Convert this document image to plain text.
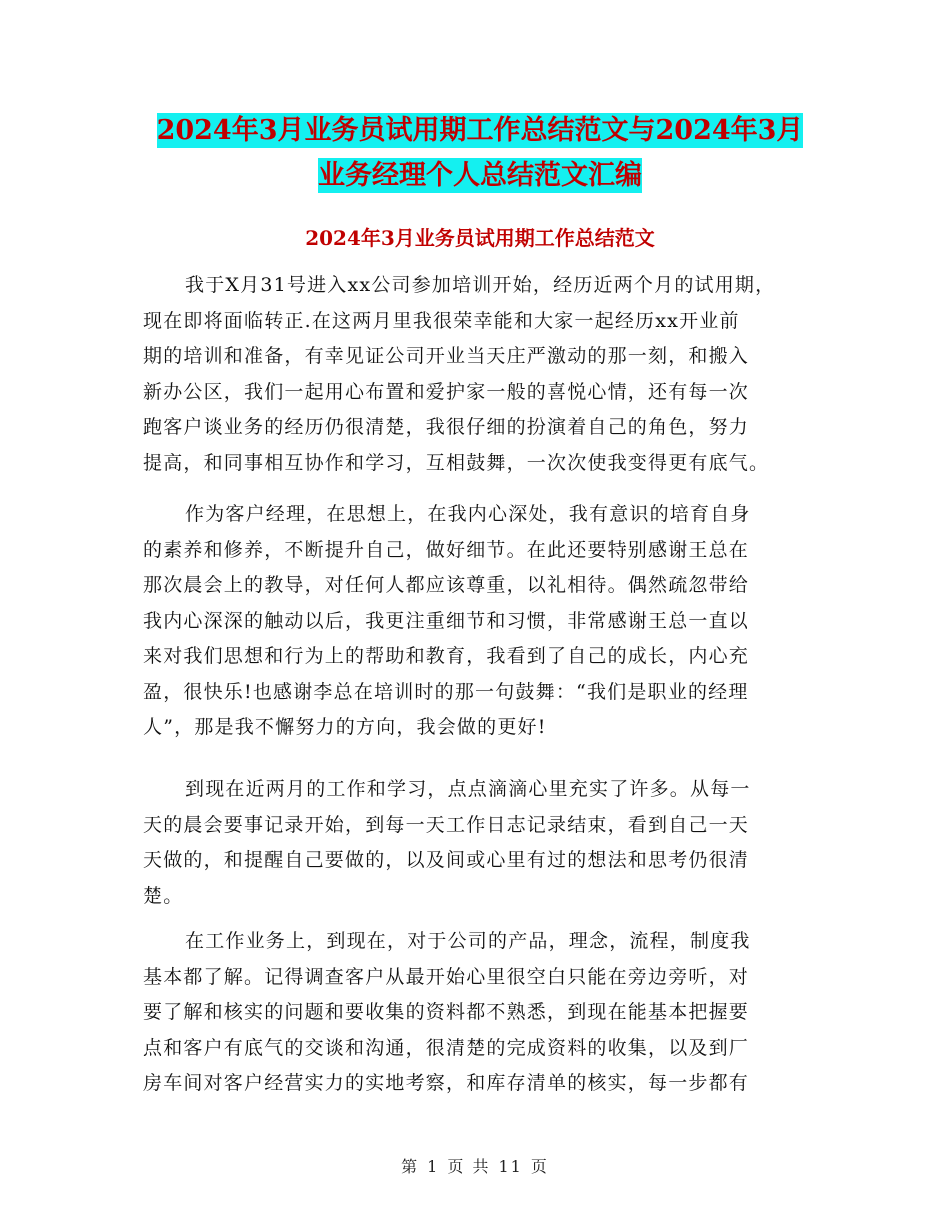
2024年3月业务员试用期工作总结范文与2024年3月
业务经理个人总结范文汇编
2024年3月业务员试用期工作总结范文
我于X月31号进入xx公司参加培训开始，经历近两个月的试用期，
现在即将面临转正.在这两月里我很荣幸能和大家一起经历xx开业前
期的培训和准备，有幸见证公司开业当天庄严激动的那一刻，和搬入
新办公区，我们一起用心布置和爱护家一般的喜悦心情，还有每一次
跑客户谈业务的经历仍很清楚，我很仔细的扮演着自己的角色，努力
提高，和同事相互协作和学习，互相鼓舞，一次次使我变得更有底气。
作为客户经理，在思想上，在我内心深处，我有意识的培育自身
的素养和修养，不断提升自己，做好细节。在此还要特别感谢王总在
那次晨会上的教导，对任何人都应该尊重，以礼相待。偶然疏忽带给
我内心深深的触动以后，我更注重细节和习惯，非常感谢王总一直以
来对我们思想和行为上的帮助和教育，我看到了自己的成长，内心充
盈，很快乐!也感谢李总在培训时的那一句鼓舞：“我们是职业的经理
人”，那是我不懈努力的方向，我会做的更好!
到现在近两月的工作和学习，点点滴滴心里充实了许多。从每一
天的晨会要事记录开始，到每一天工作日志记录结束，看到自己一天
天做的，和提醒自己要做的，以及间或心里有过的想法和思考仍很清
楚。
在工作业务上，到现在，对于公司的产品，理念，流程，制度我
基本都了解。记得调查客户从最开始心里很空白只能在旁边旁听，对
要了解和核实的问题和要收集的资料都不熟悉，到现在能基本把握要
点和客户有底气的交谈和沟通，很清楚的完成资料的收集，以及到厂
房车间对客户经营实力的实地考察，和库存清单的核实，每一步都有
第 1 页 共 11 页
